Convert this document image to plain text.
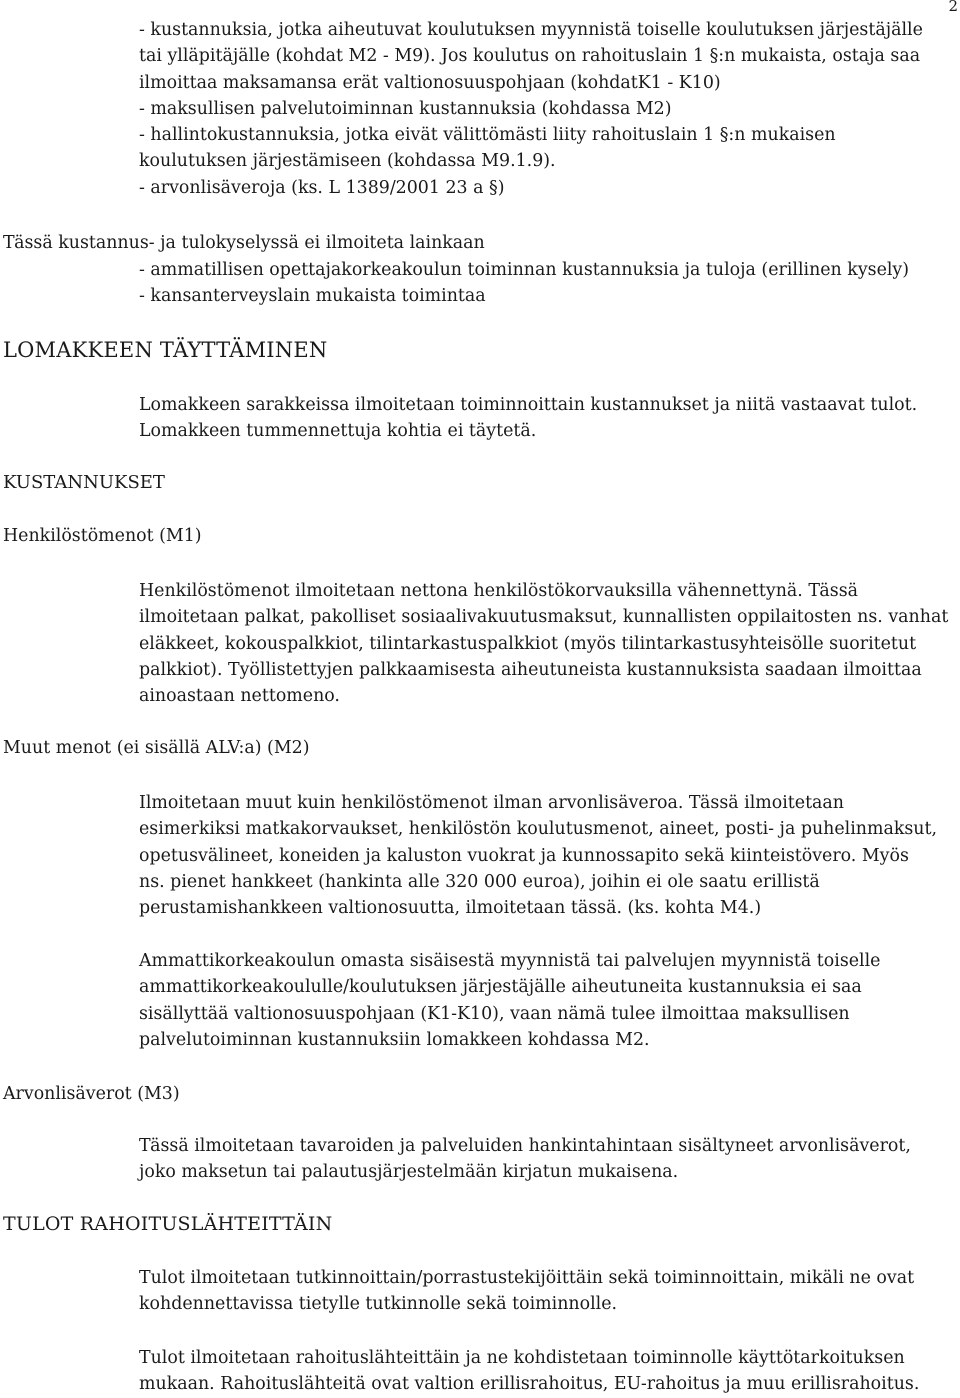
2
- kustannuksia, jotka aiheutuvat koulutuksen myynnistä toiselle koulutuksen järjestäjälle
tai ylläpitäjälle (kohdat M2 - M9). Jos koulutus on rahoituslain 1 §:n mukaista, ostaja saa
ilmoittaa maksamansa erät valtionosuuspohjaan (kohdatK1 - K10)
- maksullisen palvelutoiminnan kustannuksia (kohdassa M2)
- hallintokustannuksia, jotka eivät välittömästi liity rahoituslain 1 §:n mukaisen
koulutuksen järjestämiseen (kohdassa M9.1.9).
- arvonlisäveroja (ks. L 1389/2001 23 a §)
Tässä kustannus- ja tulokyselyssä ei ilmoiteta lainkaan
- ammatillisen opettajakorkeakoulun toiminnan kustannuksia ja tuloja (erillinen kysely)
- kansanterveyslain mukaista toimintaa
LOMAKKEEN TÄYTTÄMINEN
Lomakkeen sarakkeissa ilmoitetaan toiminnoittain kustannukset ja niitä vastaavat tulot.
Lomakkeen tummennettuja kohtia ei täytetä.
KUSTANNUKSET
Henkilöstömenot (M1)
Henkilöstömenot ilmoitetaan nettona henkilöstökorvauksilla vähennettynä. Tässä
ilmoitetaan palkat, pakolliset sosiaalivakuutusmaksut, kunnallisten oppilaitosten ns. vanhat
eläkkeet, kokouspalkkiot, tilintarkastuspalkkiot (myös tilintarkastusyhteisölle suoritetut
palkkiot). Työllistettyjen palkkaamisesta aiheutuneista kustannuksista saadaan ilmoittaa
ainoastaan nettomeno.
Muut menot (ei sisällä ALV:a) (M2)
Ilmoitetaan muut kuin henkilöstömenot ilman arvonlisäveroa. Tässä ilmoitetaan
esimerkiksi matkakorvaukset, henkilöstön koulutusmenot, aineet, posti- ja puhelinmaksut,
opetusvälineet, koneiden ja kaluston vuokrat ja kunnossapito sekä kiinteistövero. Myös
ns. pienet hankkeet (hankinta alle 320 000 euroa), joihin ei ole saatu erillistä
perustamishankkeen valtionosuutta, ilmoitetaan tässä. (ks. kohta M4.)
Ammattikorkeakoulun omasta sisäisestä myynnistä tai palvelujen myynnistä toiselle
ammattikorkeakoululle/koulutuksen järjestäjälle aiheutuneita kustannuksia ei saa
sisällyttää valtionosuuspohjaan (K1-K10), vaan nämä tulee ilmoittaa maksullisen
palvelutoiminnan kustannuksiin lomakkeen kohdassa M2.
Arvonlisäverot (M3)
Tässä ilmoitetaan tavaroiden ja palveluiden hankintahintaan sisältyneet arvonlisäverot,
joko maksetun tai palautusjärjestelmään kirjatun mukaisena.
TULOT RAHOITUSLÄHTEITTÄIN
Tulot ilmoitetaan tutkinnoittain/porrastustekijöittäin sekä toiminnoittain, mikäli ne ovat
kohdennettavissa tietylle tutkinnolle sekä toiminnolle.
Tulot ilmoitetaan rahoituslähteittäin ja ne kohdistetaan toiminnolle käyttötarkoituksen
mukaan. Rahoituslähteitä ovat valtion erillisrahoitus, EU-rahoitus ja muu erillisrahoitus.
